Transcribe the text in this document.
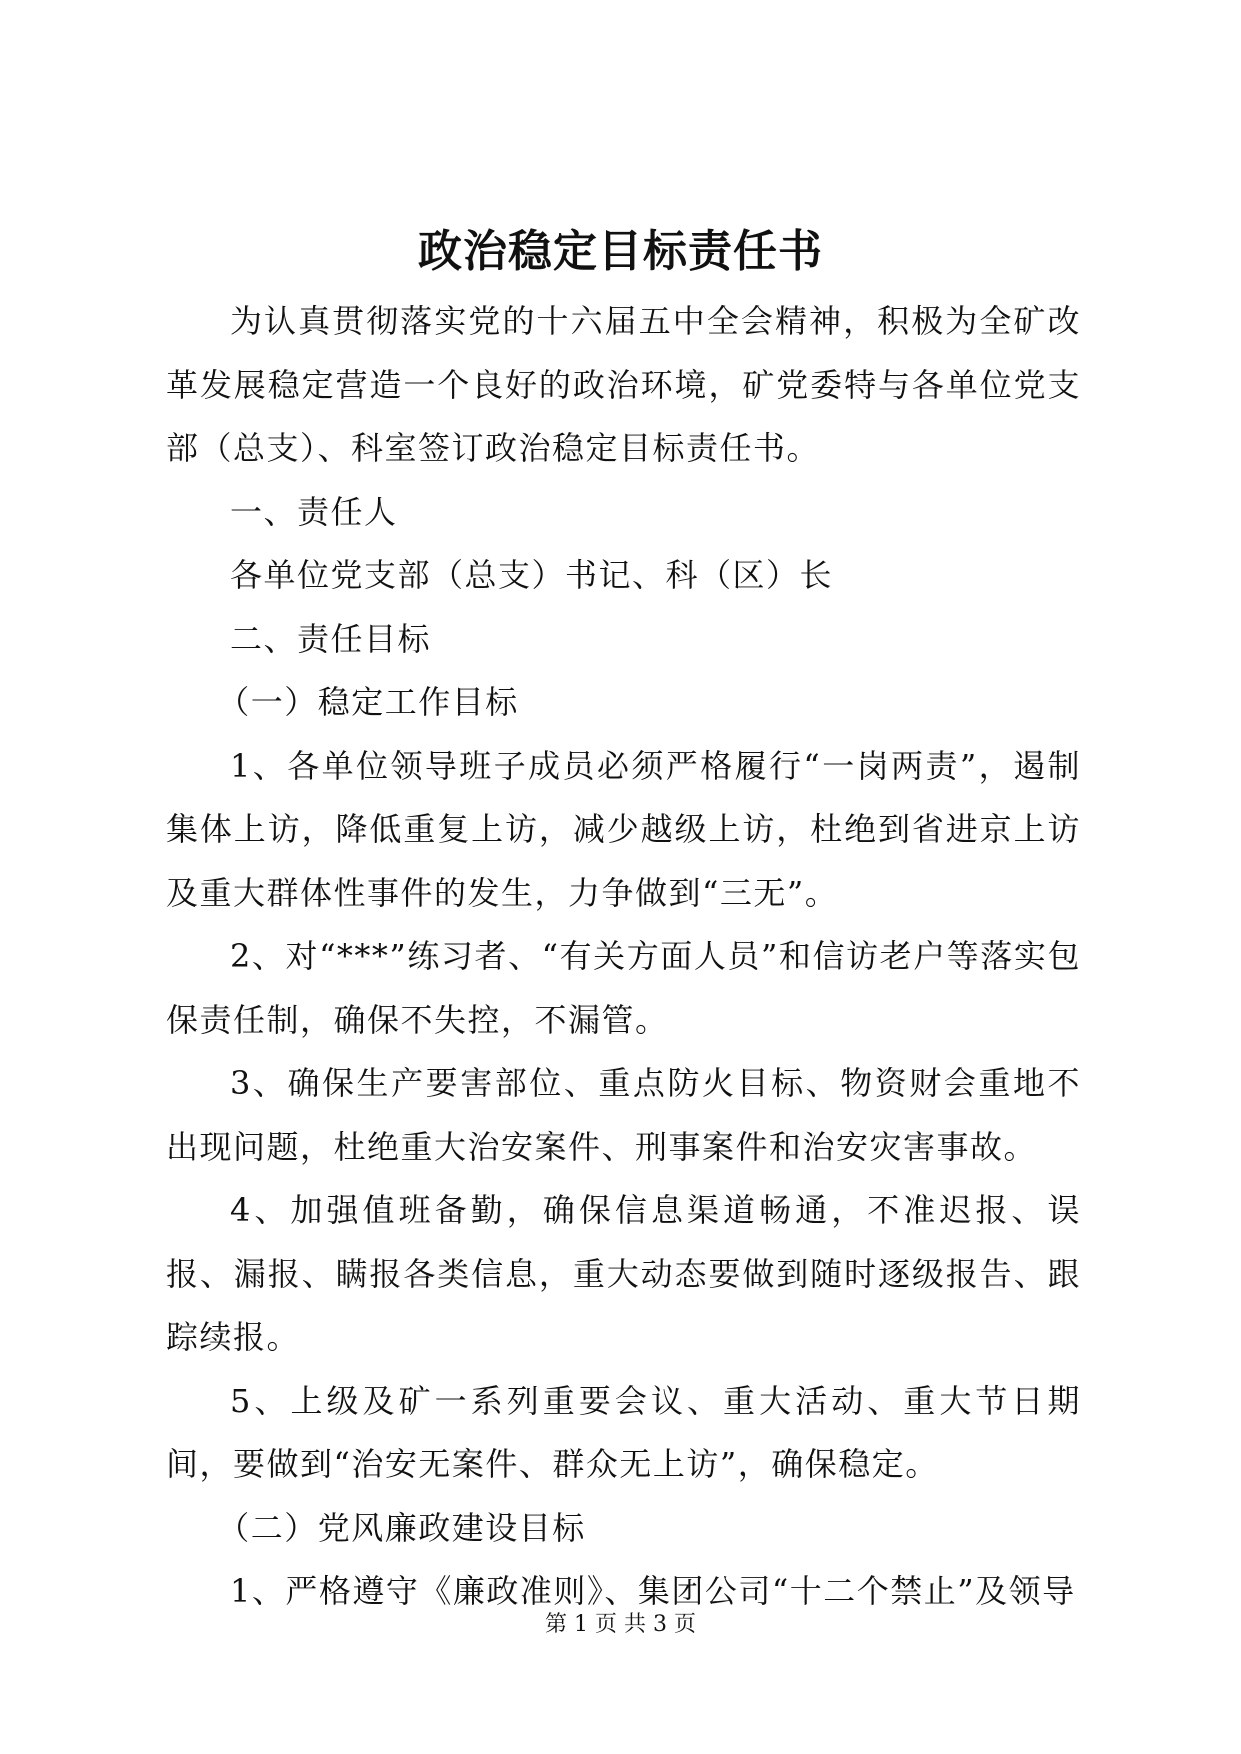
政治稳定目标责任书

为认真贯彻落实党的十六届五中全会精神，积极为全矿改革发展稳定营造一个良好的政治环境，矿党委特与各单位党支部（总支）、科室签订政治稳定目标责任书。

一、责任人

各单位党支部（总支）书记、科（区）长

二、责任目标

（一）稳定工作目标

1、各单位领导班子成员必须严格履行“一岗两责”，遏制集体上访，降低重复上访，减少越级上访，杜绝到省进京上访及重大群体性事件的发生，力争做到“三无”。

2、对“***”练习者、“有关方面人员”和信访老户等落实包保责任制，确保不失控，不漏管。

3、确保生产要害部位、重点防火目标、物资财会重地不出现问题，杜绝重大治安案件、刑事案件和治安灾害事故。

4、加强值班备勤，确保信息渠道畅通，不准迟报、误报、漏报、瞒报各类信息，重大动态要做到随时逐级报告、跟踪续报。

5、上级及矿一系列重要会议、重大活动、重大节日期间，要做到“治安无案件、群众无上访”，确保稳定。

（二）党风廉政建设目标

1、严格遵守《廉政准则》、集团公司“十二个禁止”及领导

第 1 页 共 3 页
